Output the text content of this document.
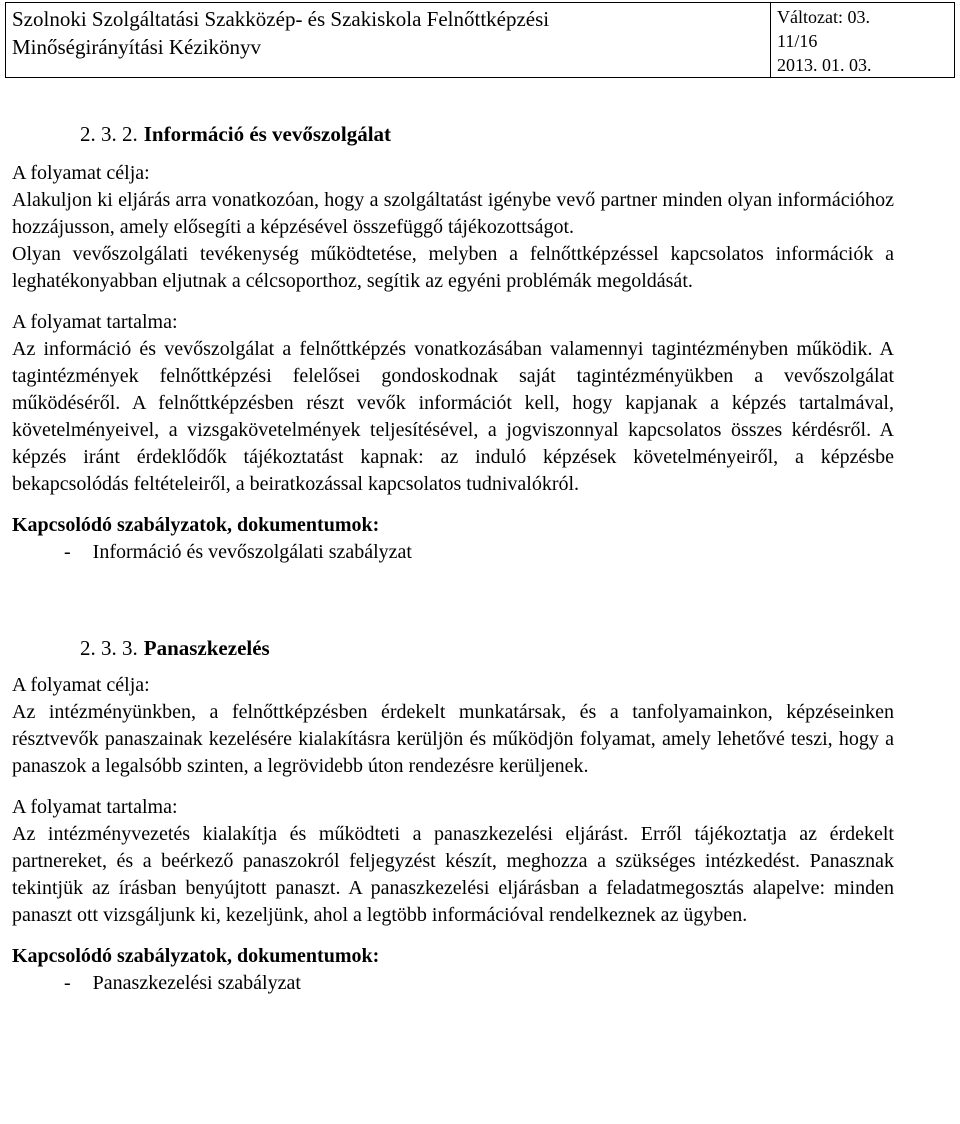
Szolnoki Szolgáltatási Szakközép- és Szakiskola Felnőttképzési
Minőségirányítási Kézikönyv

Változat: 03.
11/16
2013. 01. 03.
2. 3. 2. Információ és vevőszolgálat
A folyamat célja:

Alakuljon ki eljárás arra vonatkozóan, hogy a szolgáltatást igénybe vevő partner minden olyan információhoz hozzájusson, amely elősegíti a képzésével összefüggő tájékozottságot.

Olyan vevőszolgálati tevékenység működtetése, melyben a felnőttképzéssel kapcsolatos információk a leghatékonyabban eljutnak a célcsoporthoz, segítik az egyéni problémák megoldását.

A folyamat tartalma:

Az információ és vevőszolgálat a felnőttképzés vonatkozásában valamennyi tagintézményben működik. A tagintézmények felnőttképzési felelősei gondoskodnak saját tagintézményükben a vevőszolgálat működéséről. A felnőttképzésben részt vevők információt kell, hogy kapjanak a képzés tartalmával, követelményeivel, a vizsgakövetelmények teljesítésével, a jogviszonnyal kapcsolatos összes kérdésről. A képzés iránt érdeklődők tájékoztatást kapnak: az induló képzések követelményeiről, a képzésbe bekapcsolódás feltételeiről, a beiratkozással kapcsolatos tudnivalókról.

Kapcsolódó szabályzatok, dokumentumok:
- Információ és vevőszolgálati szabályzat
2. 3. 3. Panaszkezelés
A folyamat célja:

Az intézményünkben, a felnőttképzésben érdekelt munkatársak, és a tanfolyamainkon, képzéseinken résztvevők panaszainak kezelésére kialakításra kerüljön és működjön folyamat, amely lehetővé teszi, hogy a panaszok a legalsóbb szinten, a legrövidebb úton rendezésre kerüljenek.

A folyamat tartalma:

Az intézményvezetés kialakítja és működteti a panaszkezelési eljárást. Erről tájékoztatja az érdekelt partnereket, és a beérkező panaszokról feljegyzést készít, meghozza a szükséges intézkedést. Panasznak tekintjük az írásban benyújtott panaszt. A panaszkezelési eljárásban a feladatmegosztás alapelve: minden panaszt ott vizsgáljunk ki, kezeljünk, ahol a legtöbb információval rendelkeznek az ügyben.

Kapcsolódó szabályzatok, dokumentumok:
- Panaszkezelési szabályzat
